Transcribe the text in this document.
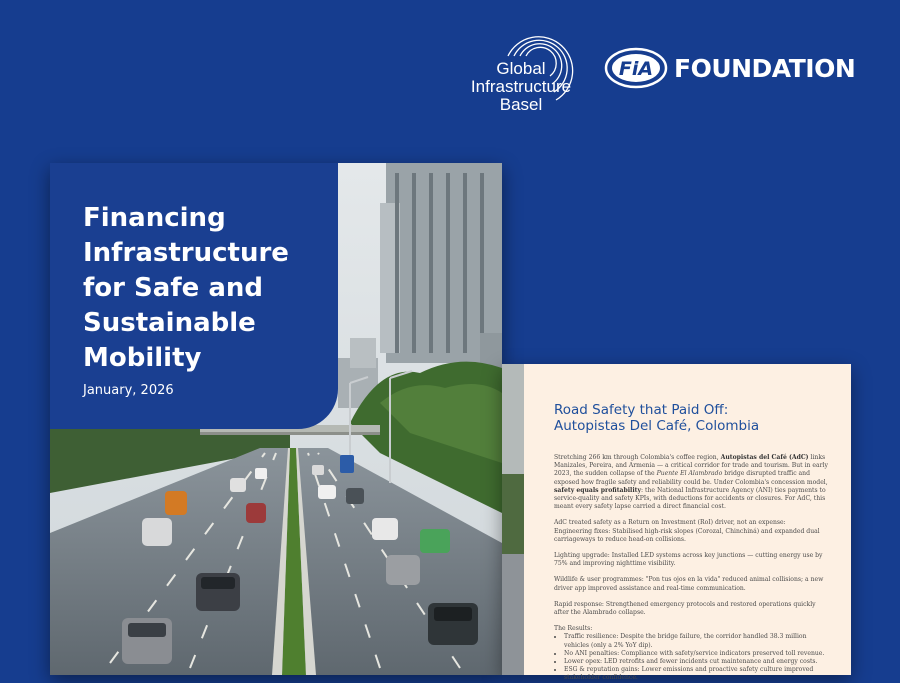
Global
Infrastructure
Basel
FiA FOUNDATION
Financing
Infrastructure
for Safe and
Sustainable
Mobility
January, 2026
Road Safety that Paid Off:
Autopistas Del Café, Colombia

Stretching 266 km through Colombia's coffee region, Autopistas del Café (AdC) links Manizales, Pereira, and Armenia — a critical corridor for trade and tourism. But in early 2023, the sudden collapse of the Puente El Alambrado bridge disrupted traffic and exposed how fragile safety and reliability could be. Under Colombia's concession model, safety equals profitability: the National Infrastructure Agency (ANI) ties payments to service-quality and safety KPIs, with deductions for accidents or closures. For AdC, this meant every safety lapse carried a direct financial cost.

AdC treated safety as a Return on Investment (RoI) driver, not an expense:

Engineering fixes: Stabilised high-risk slopes (Corozal, Chinchiná) and expanded dual carriageways to reduce head-on collisions.

Lighting upgrade: Installed LED systems across key junctions — cutting energy use by 75% and improving nighttime visibility.

Wildlife & user programmes: "Pon tus ojos en la vida" reduced animal collisions; a new driver app improved assistance and real-time communication.

Rapid response: Strengthened emergency protocols and restored operations quickly after the Alambrado collapse.

The Results:

• Traffic resilience: Despite the bridge failure, the corridor handled 38.3 million vehicles (only a 2% YoY dip).
• No ANI penalties: Compliance with safety/service indicators preserved toll revenue.
• Lower opex: LED retrofits and fewer incidents cut maintenance and energy costs.
• ESG & reputation gains: Lower emissions and proactive safety culture improved stakeholder confidence.
